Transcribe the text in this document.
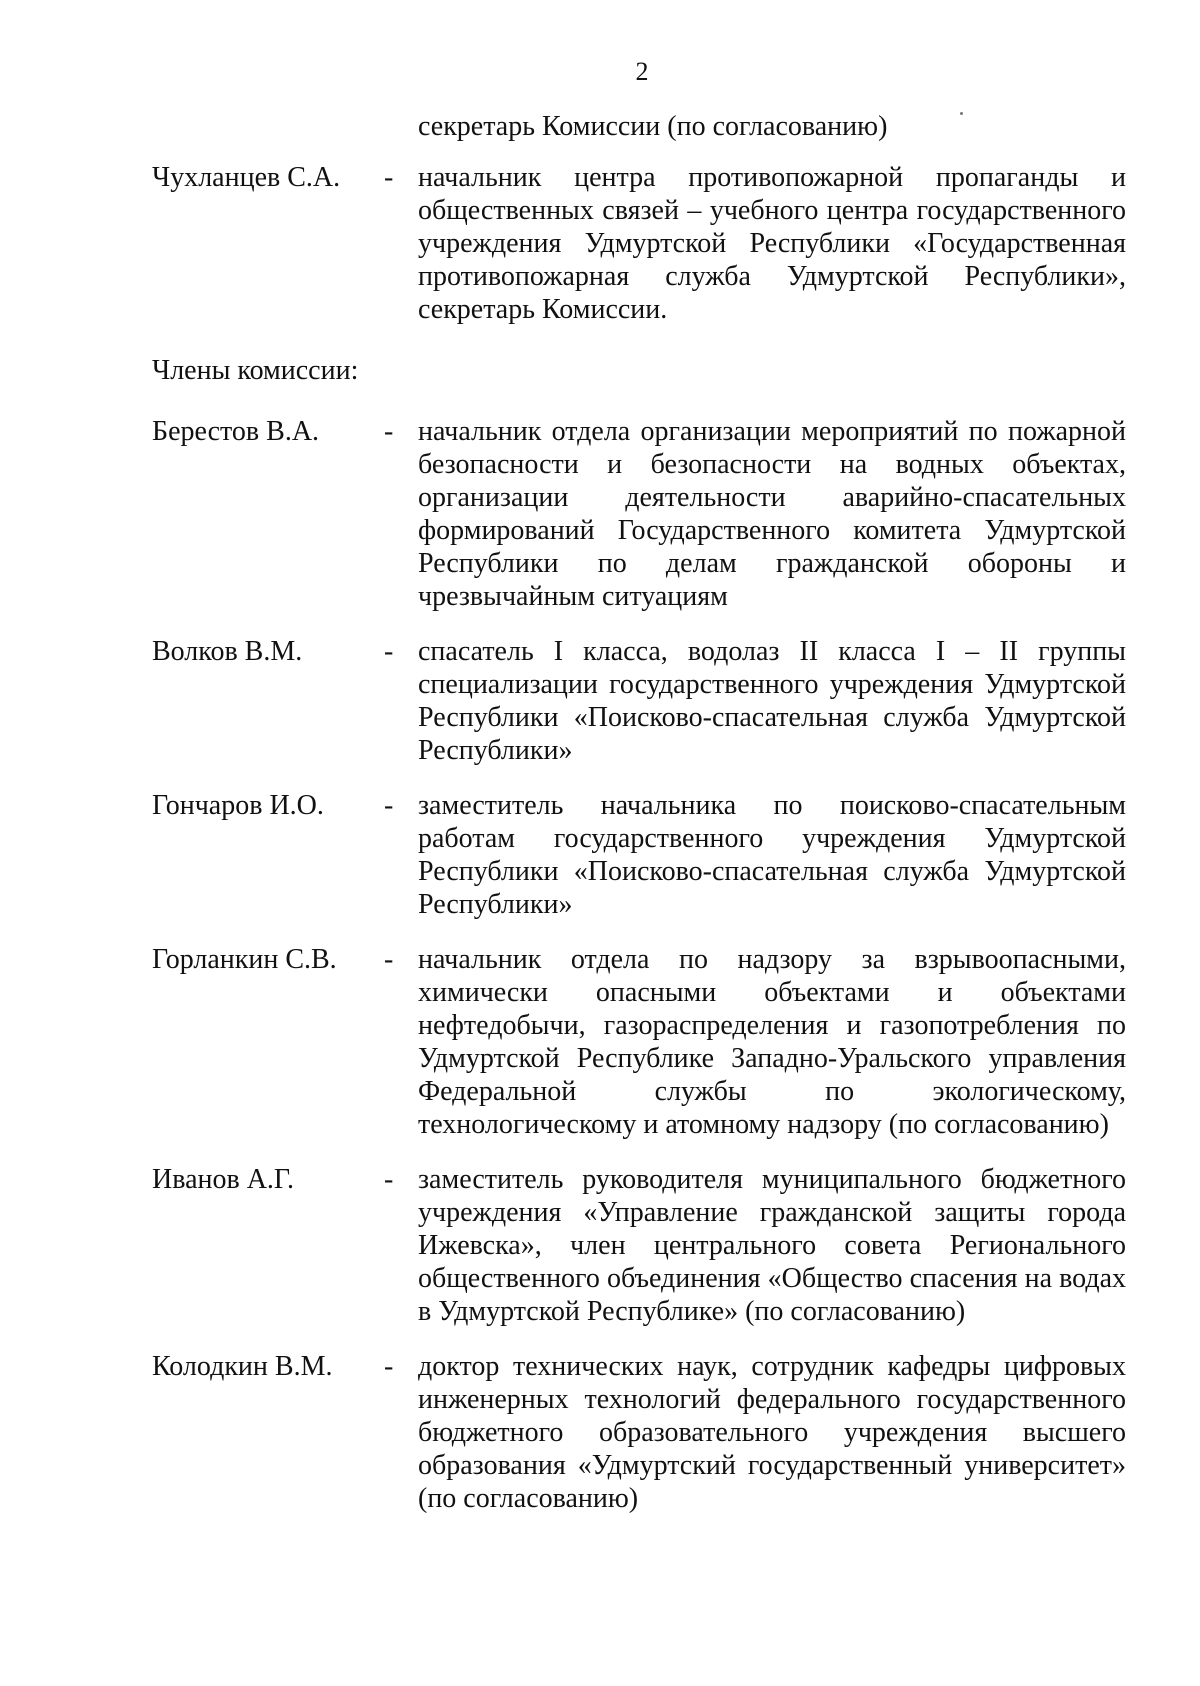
2
секретарь Комиссии (по согласованию)
Чухланцев С.А.	- начальник центра противопожарной пропаганды и общественных связей – учебного центра государственного учреждения Удмуртской Республики «Государственная противопожарная служба Удмуртской Республики», секретарь Комиссии.
Члены комиссии:
Берестов В.А.	- начальник отдела организации мероприятий по пожарной безопасности и безопасности на водных объектах, организации деятельности аварийно-спасательных формирований Государственного комитета Удмуртской Республики по делам гражданской обороны и чрезвычайным ситуациям
Волков В.М.	- спасатель I класса, водолаз II класса I – II группы специализации государственного учреждения Удмуртской Республики «Поисково-спасательная служба Удмуртской Республики»
Гончаров И.О.	- заместитель начальника по поисково-спасательным работам государственного учреждения Удмуртской Республики «Поисково-спасательная служба Удмуртской Республики»
Горланкин С.В.	- начальник отдела по надзору за взрывоопасными, химически опасными объектами и объектами нефтедобычи, газораспределения и газопотребления по Удмуртской Республике Западно-Уральского управления Федеральной службы по экологическому, технологическому и атомному надзору (по согласованию)
Иванов А.Г.	- заместитель руководителя муниципального бюджетного учреждения «Управление гражданской защиты города Ижевска», член центрального совета Регионального общественного объединения «Общество спасения на водах в Удмуртской Республике» (по согласованию)
Колодкин В.М.	- доктор технических наук, сотрудник кафедры цифровых инженерных технологий федерального государственного бюджетного образовательного учреждения высшего образования «Удмуртский государственный университет» (по согласованию)
